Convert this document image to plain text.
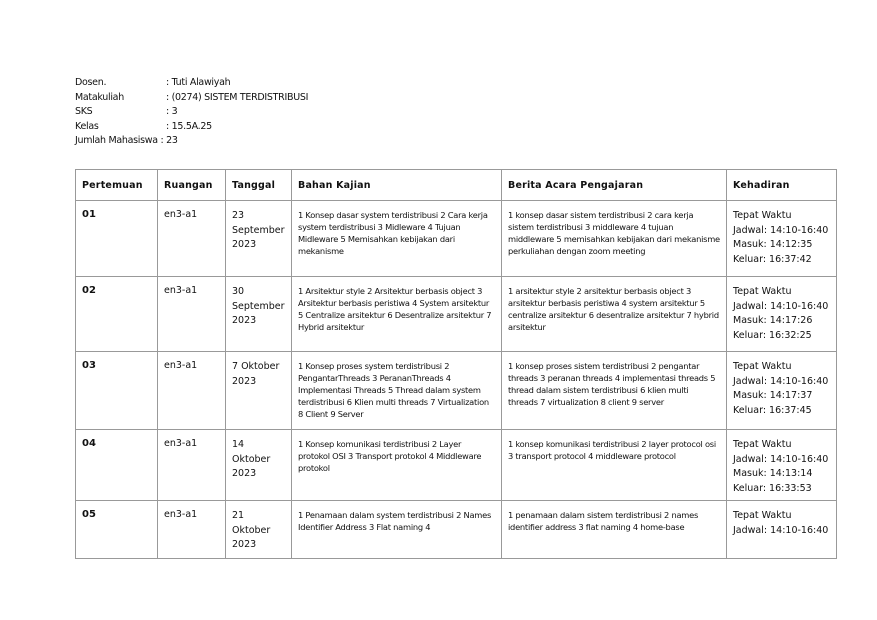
Dosen.	: Tuti Alawiyah
Matakuliah	: (0274) SISTEM TERDISTRIBUSI
SKS	: 3
Kelas	: 15.5A.25
Jumlah Mahasiswa : 23
Pertemuan	Ruangan	Tanggal	Bahan Kajian	Berita Acara Pengajaran	Kehadiran
01	en3-a1	23 September 2023	1 Konsep dasar system terdistribusi 2 Cara kerja system terdistribusi 3 Midleware 4 Tujuan Midleware 5 Memisahkan kebijakan dari mekanisme	1 konsep dasar sistem terdistribusi 2 cara kerja sistem terdistribusi 3 middleware 4 tujuan middleware 5 memisahkan kebijakan dari mekanisme perkuliahan dengan zoom meeting	Tepat Waktu
Jadwal: 14:10-16:40
Masuk: 14:12:35
Keluar: 16:37:42

02	en3-a1	30 September 2023	1 Arsitektur style 2 Arsitektur berbasis object 3 Arsitektur berbasis peristiwa 4 System arsitektur 5 Centralize arsitektur 6 Desentralize arsitektur 7 Hybrid arsitektur	1 arsitektur style 2 arsitektur berbasis object 3 arsitektur berbasis peristiwa 4 system arsitektur 5 centralize arsitektur 6 desentralize arsitektur 7 hybrid arsitektur	Tepat Waktu
Jadwal: 14:10-16:40
Masuk: 14:17:26
Keluar: 16:32:25

03	en3-a1	7 Oktober 2023	1 Konsep proses system terdistribusi 2 PengantarThreads 3 PerananThreads 4 Implementasi Threads 5 Thread dalam system terdistribusi 6 Klien multi threads 7 Virtualization 8 Client 9 Server	1 konsep proses sistem terdistribusi 2 pengantar threads 3 peranan threads 4 implementasi threads 5 thread dalam sistem terdistribusi 6 klien multi threads 7 virtualization 8 client 9 server	Tepat Waktu
Jadwal: 14:10-16:40
Masuk: 14:17:37
Keluar: 16:37:45

04	en3-a1	14 Oktober 2023	1 Konsep komunikasi terdistribusi 2 Layer protokol OSI 3 Transport protokol 4 Middleware protokol	1 konsep komunikasi terdistribusi 2 layer protocol osi 3 transport protocol 4 middleware protocol	Tepat Waktu
Jadwal: 14:10-16:40
Masuk: 14:13:14
Keluar: 16:33:53

05	en3-a1	21 Oktober 2023	1 Penamaan dalam system terdistribusi 2 Names Identifier Address 3 Flat naming 4	1 penamaan dalam sistem terdistribusi 2 names identifier address 3 flat naming 4 home-base	Tepat Waktu
Jadwal: 14:10-16:40
